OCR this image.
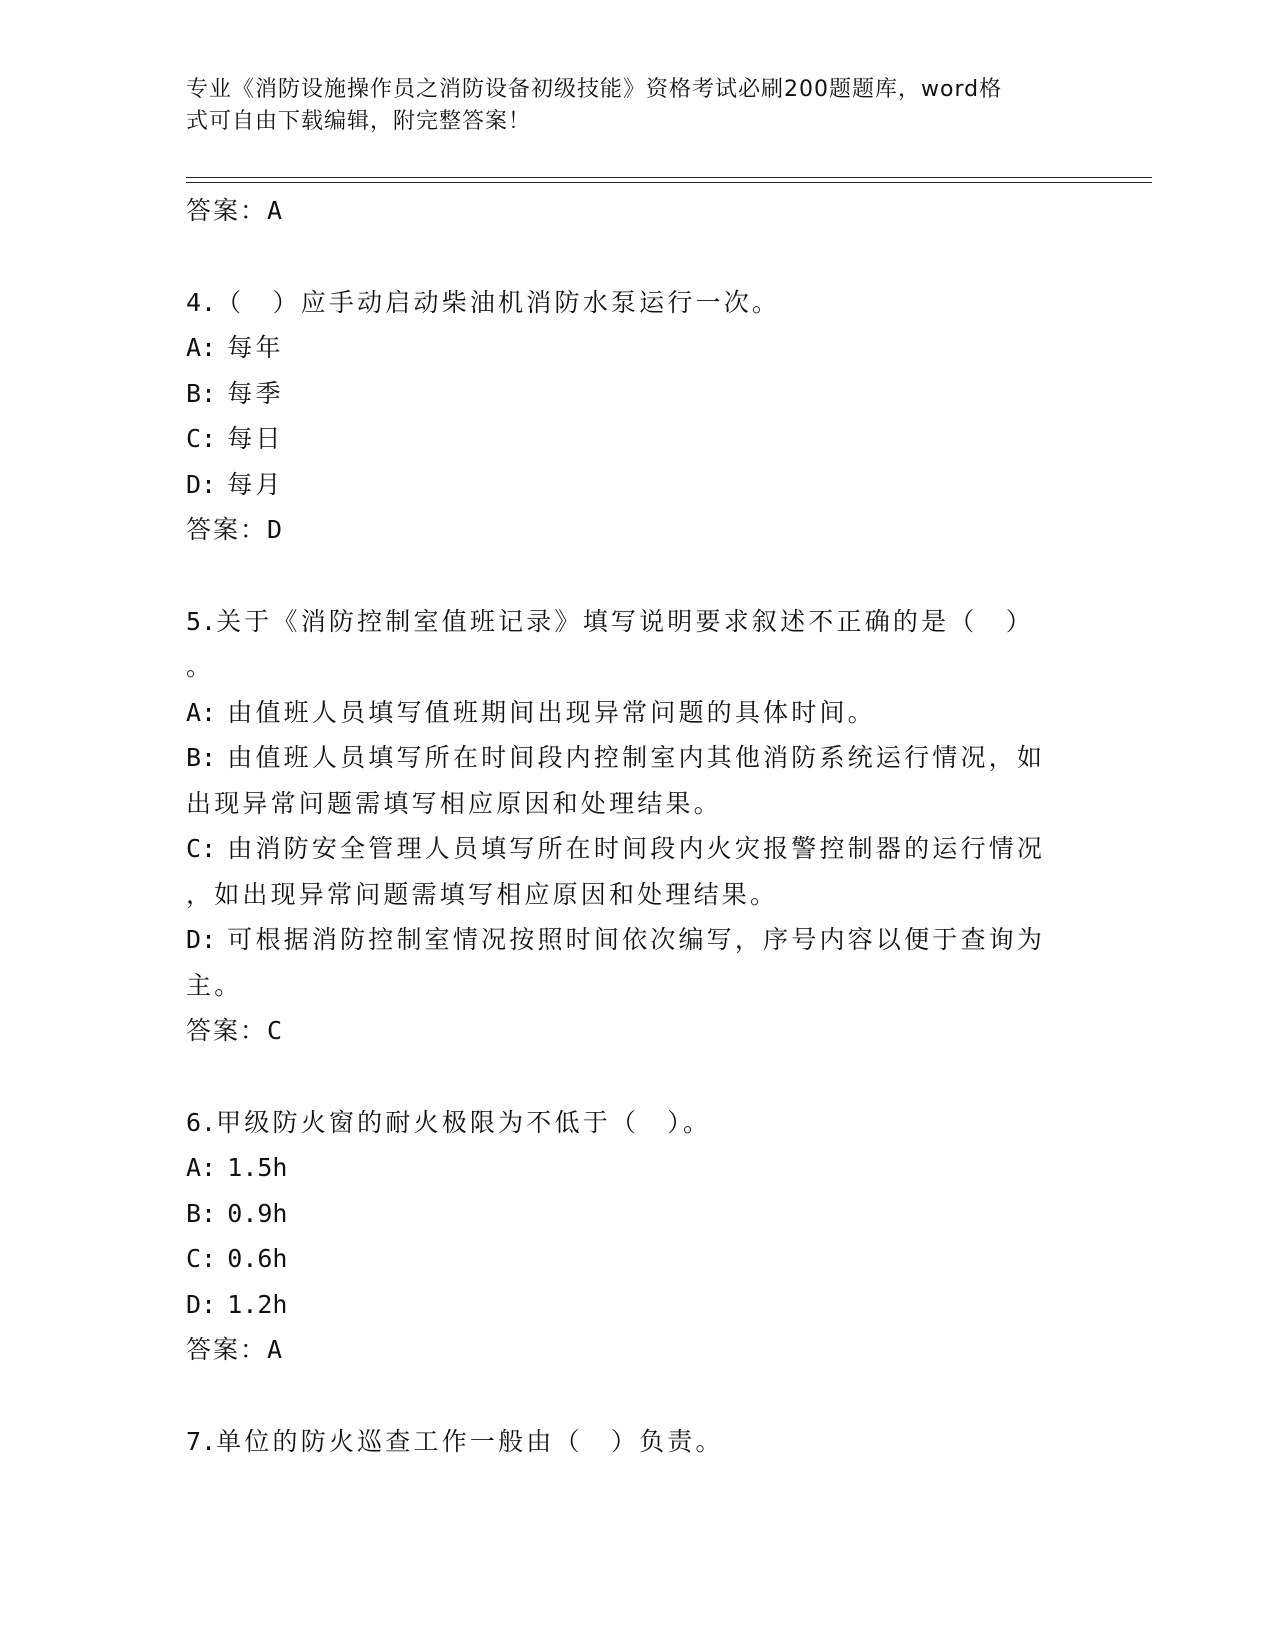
专业《消防设施操作员之消防设备初级技能》资格考试必刷200题题库，word格

式可自由下载编辑，附完整答案！

答案：A

4.（　）应手动启动柴油机消防水泵运行一次。

A: 每年

B: 每季

C: 每日

D: 每月

答案：D

5.关于《消防控制室值班记录》填写说明要求叙述不正确的是（　）

。

A: 由值班人员填写值班期间出现异常问题的具体时间。

B: 由值班人员填写所在时间段内控制室内其他消防系统运行情况，如

出现异常问题需填写相应原因和处理结果。

C: 由消防安全管理人员填写所在时间段内火灾报警控制器的运行情况

，如出现异常问题需填写相应原因和处理结果。

D: 可根据消防控制室情况按照时间依次编写，序号内容以便于查询为

主。

答案：C

6.甲级防火窗的耐火极限为不低于（　）。

A: 1.5h

B: 0.9h

C: 0.6h

D: 1.2h

答案：A

7.单位的防火巡查工作一般由（　）负责。
